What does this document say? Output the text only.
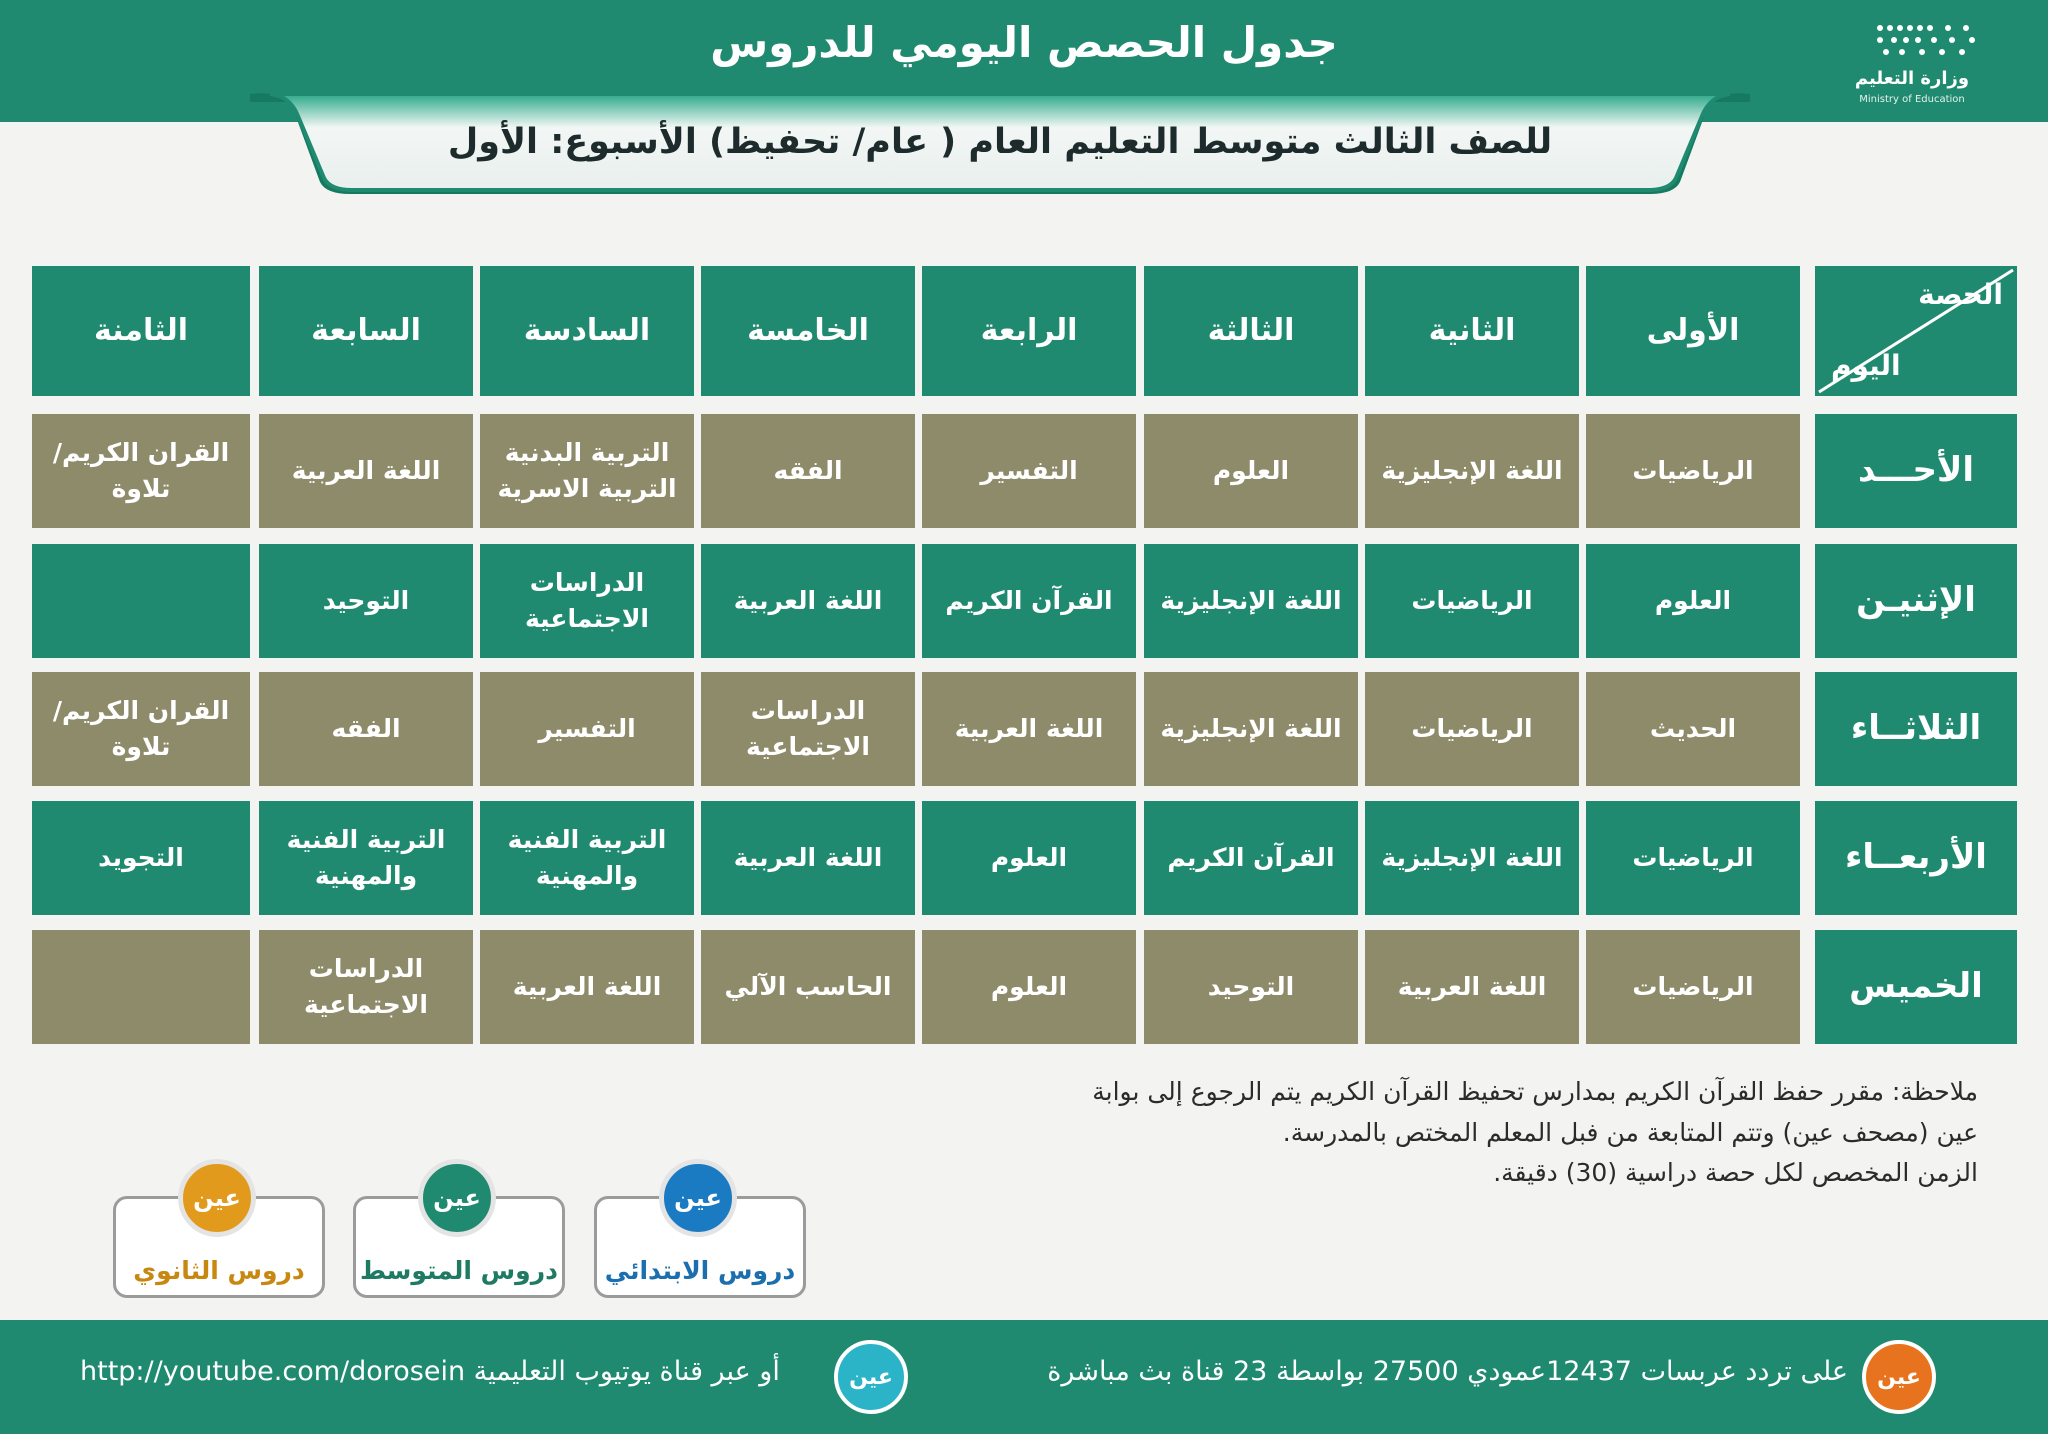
جدول الحصص اليومي للدروس
للصف الثالث متوسط التعليم العام ( عام/ تحفيظ) الأسبوع: الأول
وزارة التعليم
Ministry of Education
الحصة
اليوم
الأولى
الثانية
الثالثة
الرابعة
الخامسة
السادسة
السابعة
الثامنة
الأحـــد
الرياضيات
اللغة الإنجليزية
العلوم
التفسير
الفقه
التربية البدنية
التربية الاسرية
اللغة العربية
القران الكريم/
تلاوة
الإثنيـن
العلوم
الرياضيات
اللغة الإنجليزية
القرآن الكريم
اللغة العربية
الدراسات
الاجتماعية
التوحيد
الثلاثــاء
الحديث
الرياضيات
اللغة الإنجليزية
اللغة العربية
الدراسات
الاجتماعية
التفسير
الفقه
القران الكريم/
تلاوة
الأربعــاء
الرياضيات
اللغة الإنجليزية
القرآن الكريم
العلوم
اللغة العربية
التربية الفنية
والمهنية
التربية الفنية
والمهنية
التجويد
الخميس
الرياضيات
اللغة العربية
التوحيد
العلوم
الحاسب الآلي
اللغة العربية
الدراسات
الاجتماعية
ملاحظة: مقرر حفظ القرآن الكريم بمدارس تحفيظ القرآن الكريم يتم الرجوع إلى بوابة
عين (مصحف عين) وتتم المتابعة من فبل المعلم المختص بالمدرسة.
الزمن المخصص لكل حصة دراسية (30) دقيقة.
عين
دروس الابتدائي
عين
دروس المتوسط
عين
دروس الثانوي
عين
على تردد عربسات 12437عمودي 27500 بواسطة 23 قناة بث مباشرة
عين
أو عبر قناة يوتيوب التعليمية http://youtube.com/dorosein
